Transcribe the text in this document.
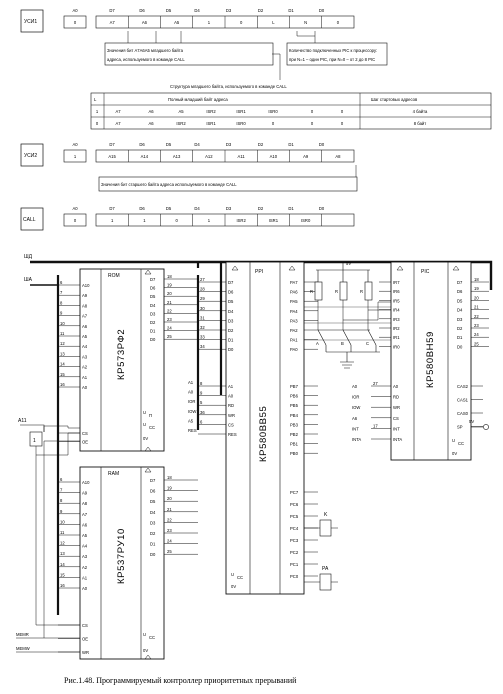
УСИ1
A0	D7	D6	D5	D4	D3	D2	D1	D0
0	A7	A6	A5	1	0	L	N	0
Значения бит A7A6A5 младшего байта
адреса, используемого в команде CALL
Количество подключенных PIC к процессору:
при N=1 – один PIC, при N=0 – от 2 до 8 PIC
Структура младшего байта, используемого в команде CALL
L	Полный младший байт адреса	Шаг стартовых адресов
1	A7	A6	A5	ISR2	ISR1	ISR0	0	0	4 байта
0	A7	A6	ISR2	ISR1	ISR0	0	0	0	8 байт
УСИ2
A0	D7	D6	D5	D4	D3	D2	D1	D0
1	A15	A14	A13	A12	A11	A10	A9	A8
Значения бит старшего байта адреса используемого в команде CALL
CALL
A0	D7	D6	D5	D4	D3	D2	D1	D0
0	1	1	0	1	ISR2	ISR1	ISR0
ШД
ША
ROM
КР573РФ2
A10
6
A9
7
A8
8
A7
9
A6
10
A5
11
A4
12
A3
13
A2
14
A1
15
A0
16
D7
18
D6
19
D5
20
D4
21
D3
22
D2
23
D1
24
D0
25
CS
OE
U
П
U
CC
0V
RAM
КР537РУ10
A10
6
A9
7
A8
8
A7
9
A6
10
A5
11
A4
12
A3
13
A2
14
A1
15
A0
16
D7
18
D6
19
D5
20
D4
21
D3
22
D2
23
D1
24
D0
25
CS
OE
WR
U
CC
0V
PPI
КР580ВВ55
D7
27
D6
28
D5
29
D4
30
D3
31
D2
32
D1
33
D0
34
A1
8
A0
9
RD
5
WR
36
CS
6
RES
A1
A0
IOR
IOW
A5
RES
PA7
PA6
PA5
PA4
PA3
PA2
PA1
PA0
PB7
PB6
PB5
PB4
PB3
PB2
PB1
PB0
PC7
PC6
PC5
PC4
PC3
PC2
PC1
PC0
U
CC
0V
PIC
КР580ВН59
IR7
IR6
IR5
IR4
IR3
IR2
IR1
IR0
D7
18
D6
19
D5
20
D4
21
D3
22
D2
23
D1
24
D0
25
A0
27
RD
WR
CS
INT
17
INTA
A0
IOR
IOW
A6
INT
INTA
CAS2
CAS1
CAS0
SP
U
CC
0V
5V
R	R	R
A	B	C
K
PA
A11
1
MEMR
MEMW
5V
Рис.1.48. Программируемый контроллер приоритетных прерываний
